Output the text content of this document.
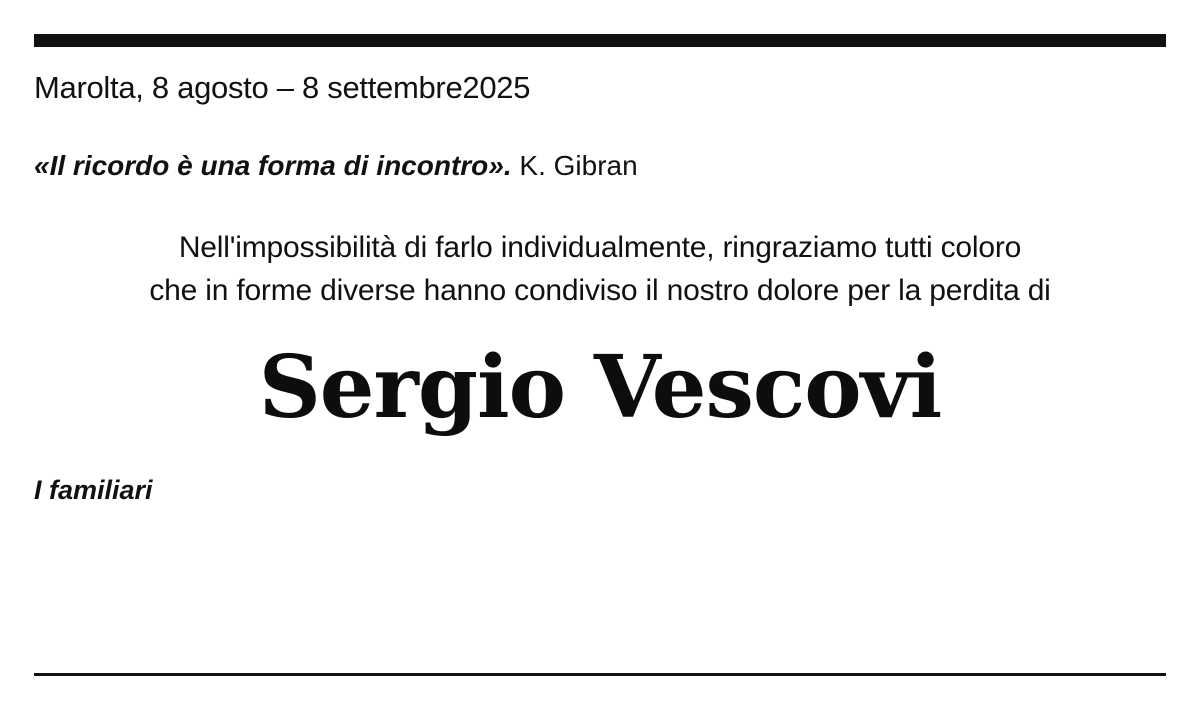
Marolta, 8 agosto – 8 settembre2025
«Il ricordo è una forma di incontro». K. Gibran
Nell'impossibilità di farlo individualmente, ringraziamo tutti coloro
che in forme diverse hanno condiviso il nostro dolore per la perdita di
Sergio Vescovi
I familiari
